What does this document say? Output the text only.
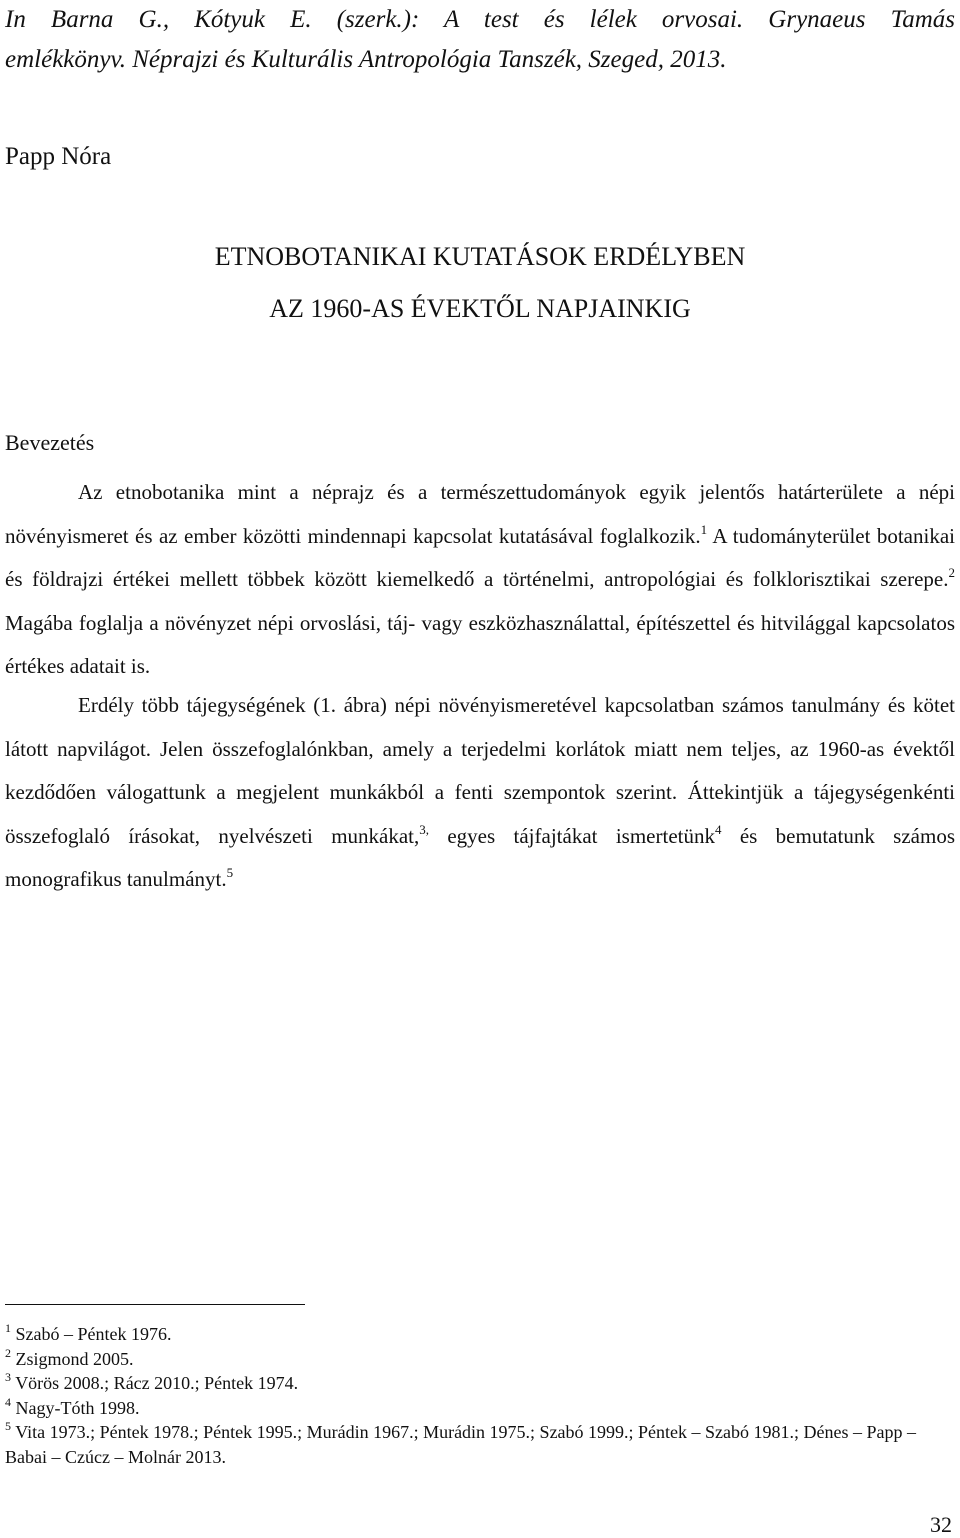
In Barna G., Kótyuk E. (szerk.): A test és lélek orvosai. Grynaeus Tamás
emlékkönyv. Néprajzi és Kulturális Antropológia Tanszék, Szeged, 2013.
Papp Nóra
ETNOBOTANIKAI KUTATÁSOK ERDÉLYBEN
AZ 1960-AS ÉVEKTŐL NAPJAINKIG
Bevezetés

Az etnobotanika mint a néprajz és a természettudományok egyik jelentős határterülete a népi növényismeret és az ember közötti mindennapi kapcsolat kutatásával foglalkozik.$^1$ A tudományterület botanikai és földrajzi értékei mellett többek között kiemelkedő a történelmi, antropológiai és folklorisztikai szerepe.$^2$ Magába foglalja a növényzet népi orvoslási, táj- vagy eszközhasználattal, építészettel és hitvilággal kapcsolatos értékes adatait is.

Erdély több tájegységének (1. ábra) népi növényismeretével kapcsolatban számos tanulmány és kötet látott napvilágot. Jelen összefoglalónkban, amely a terjedelmi korlátok miatt nem teljes, az 1960-as évektől kezdődően válogattunk a megjelent munkákból a fenti szempontok szerint. Áttekintjük a tájegységenkénti összefoglaló írásokat, nyelvészeti munkákat,$^{3,}$ egyes tájfajtákat ismertetünk$^4$ és bemutatunk számos monografikus tanulmányt.$^5$

$^1$ Szabó – Péntek 1976.
$^2$ Zsigmond 2005.
$^3$ Vörös 2008.; Rácz 2010.; Péntek 1974.
$^4$ Nagy-Tóth 1998.
$^5$ Vita 1973.; Péntek 1978.; Péntek 1995.; Murádin 1967.; Murádin 1975.; Szabó 1999.; Péntek – Szabó 1981.; Dénes – Papp – Babai – Czúcz – Molnár 2013.
32
